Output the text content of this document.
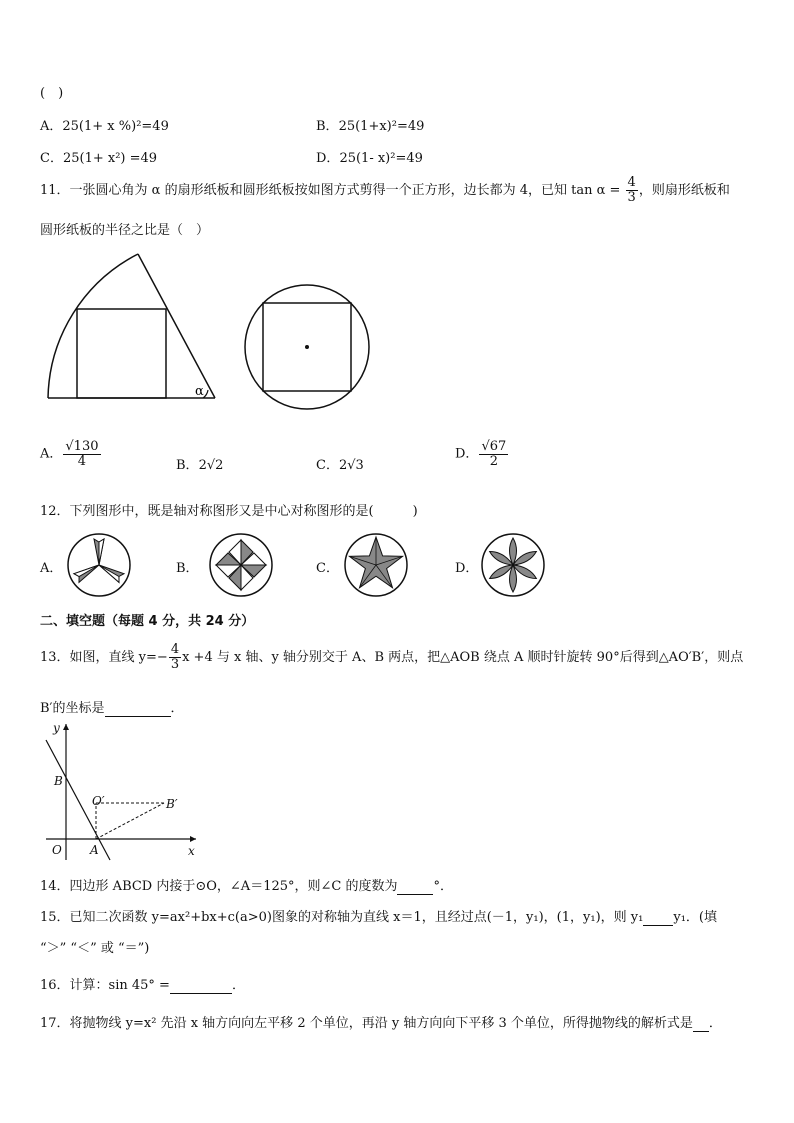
(　)
A．25(1+ x %)²=49	B．25(1+x)²=49
C．25(1+ x²) =49	D．25(1- x)²=49
11．一张圆心角为 α 的扇形纸板和圆形纸板按如图方式剪得一个正方形，边长都为 4，已知 $\tan \alpha = \frac{4}{3}$ ，则扇形纸板和
圆形纸板的半径之比是（　）
α
A． $\frac{√130}{4}$	B．2√2	C．2√3
D． $\frac{√67}{2}$
12．下列图形中，既是轴对称图形又是中心对称图形的是(　　　)
A．	B．	C．	D．
二、填空题（每题 4 分，共 24 分）
13．如图，直线 $y=- \frac{4}{3}$ x +4 与 x 轴、y 轴分别交于 A、B 两点，把△AOB 绕点 A 顺时针旋转 90°后得到△AO′B′，则点
B′的坐标是	．
y
x
B
O′	B′
O A
14．四边形 ABCD 内接于⊙O，∠A＝125°，则∠C 的度数为	°．
15．已知二次函数 y=ax²+bx+c(a>0)图象的对称轴为直线 x＝1，且经过点(－1，y₁)，(1，y₁)，则 y₁ y₁．(填
“＞” “＜” 或 “＝”)
16．计算：sin 45° =	．
17．将抛物线 y=x² 先沿 x 轴方向向左平移 2 个单位，再沿 y 轴方向向下平移 3 个单位，所得抛物线的解析式是 ．
